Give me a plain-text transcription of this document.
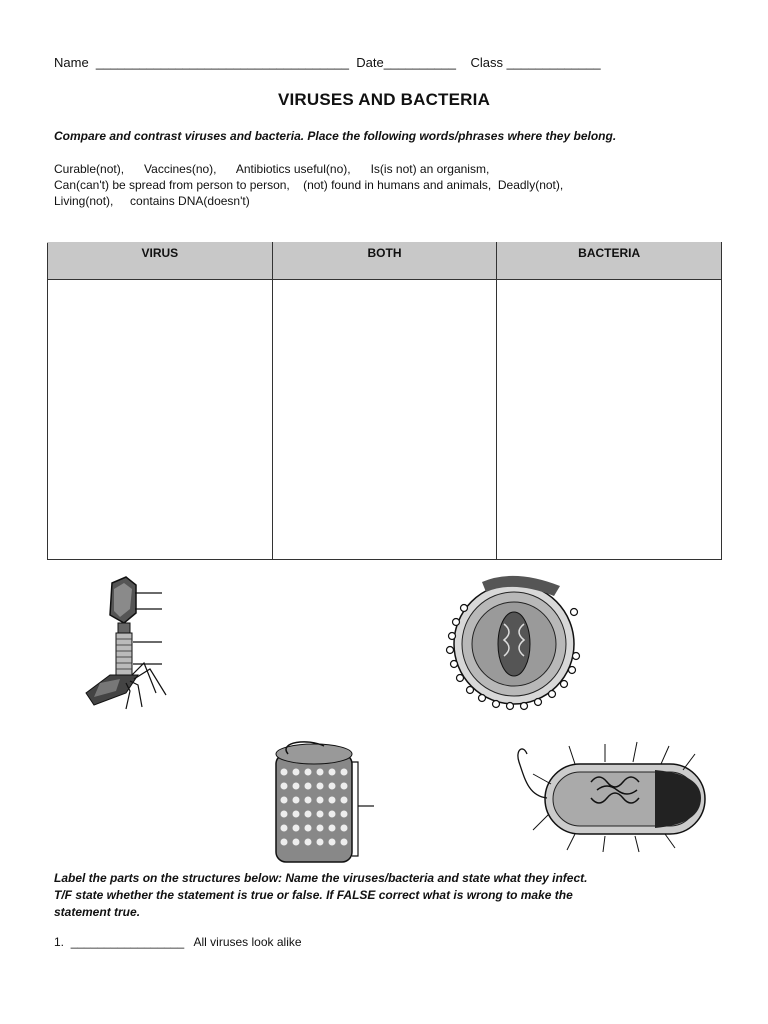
Name ___________________________________ Date__________ Class _____________
VIRUSES AND BACTERIA
Compare and contrast viruses and bacteria. Place the following words/phrases where they belong.
Curable(not),      Vaccines(no),      Antibiotics useful(no),      Is(is not) an organism,
Can(can't) be spread from person to person,    (not) found in humans and animals,  Deadly(not),
Living(not),     contains DNA(doesn't)
VIRUS	BOTH	BACTERIA

Label the parts on the structures below: Name the viruses/bacteria and state what they infect.
T/F state whether the statement is true or false. If FALSE correct what is wrong to make the
statement true.
1. _________________ All viruses look alike
